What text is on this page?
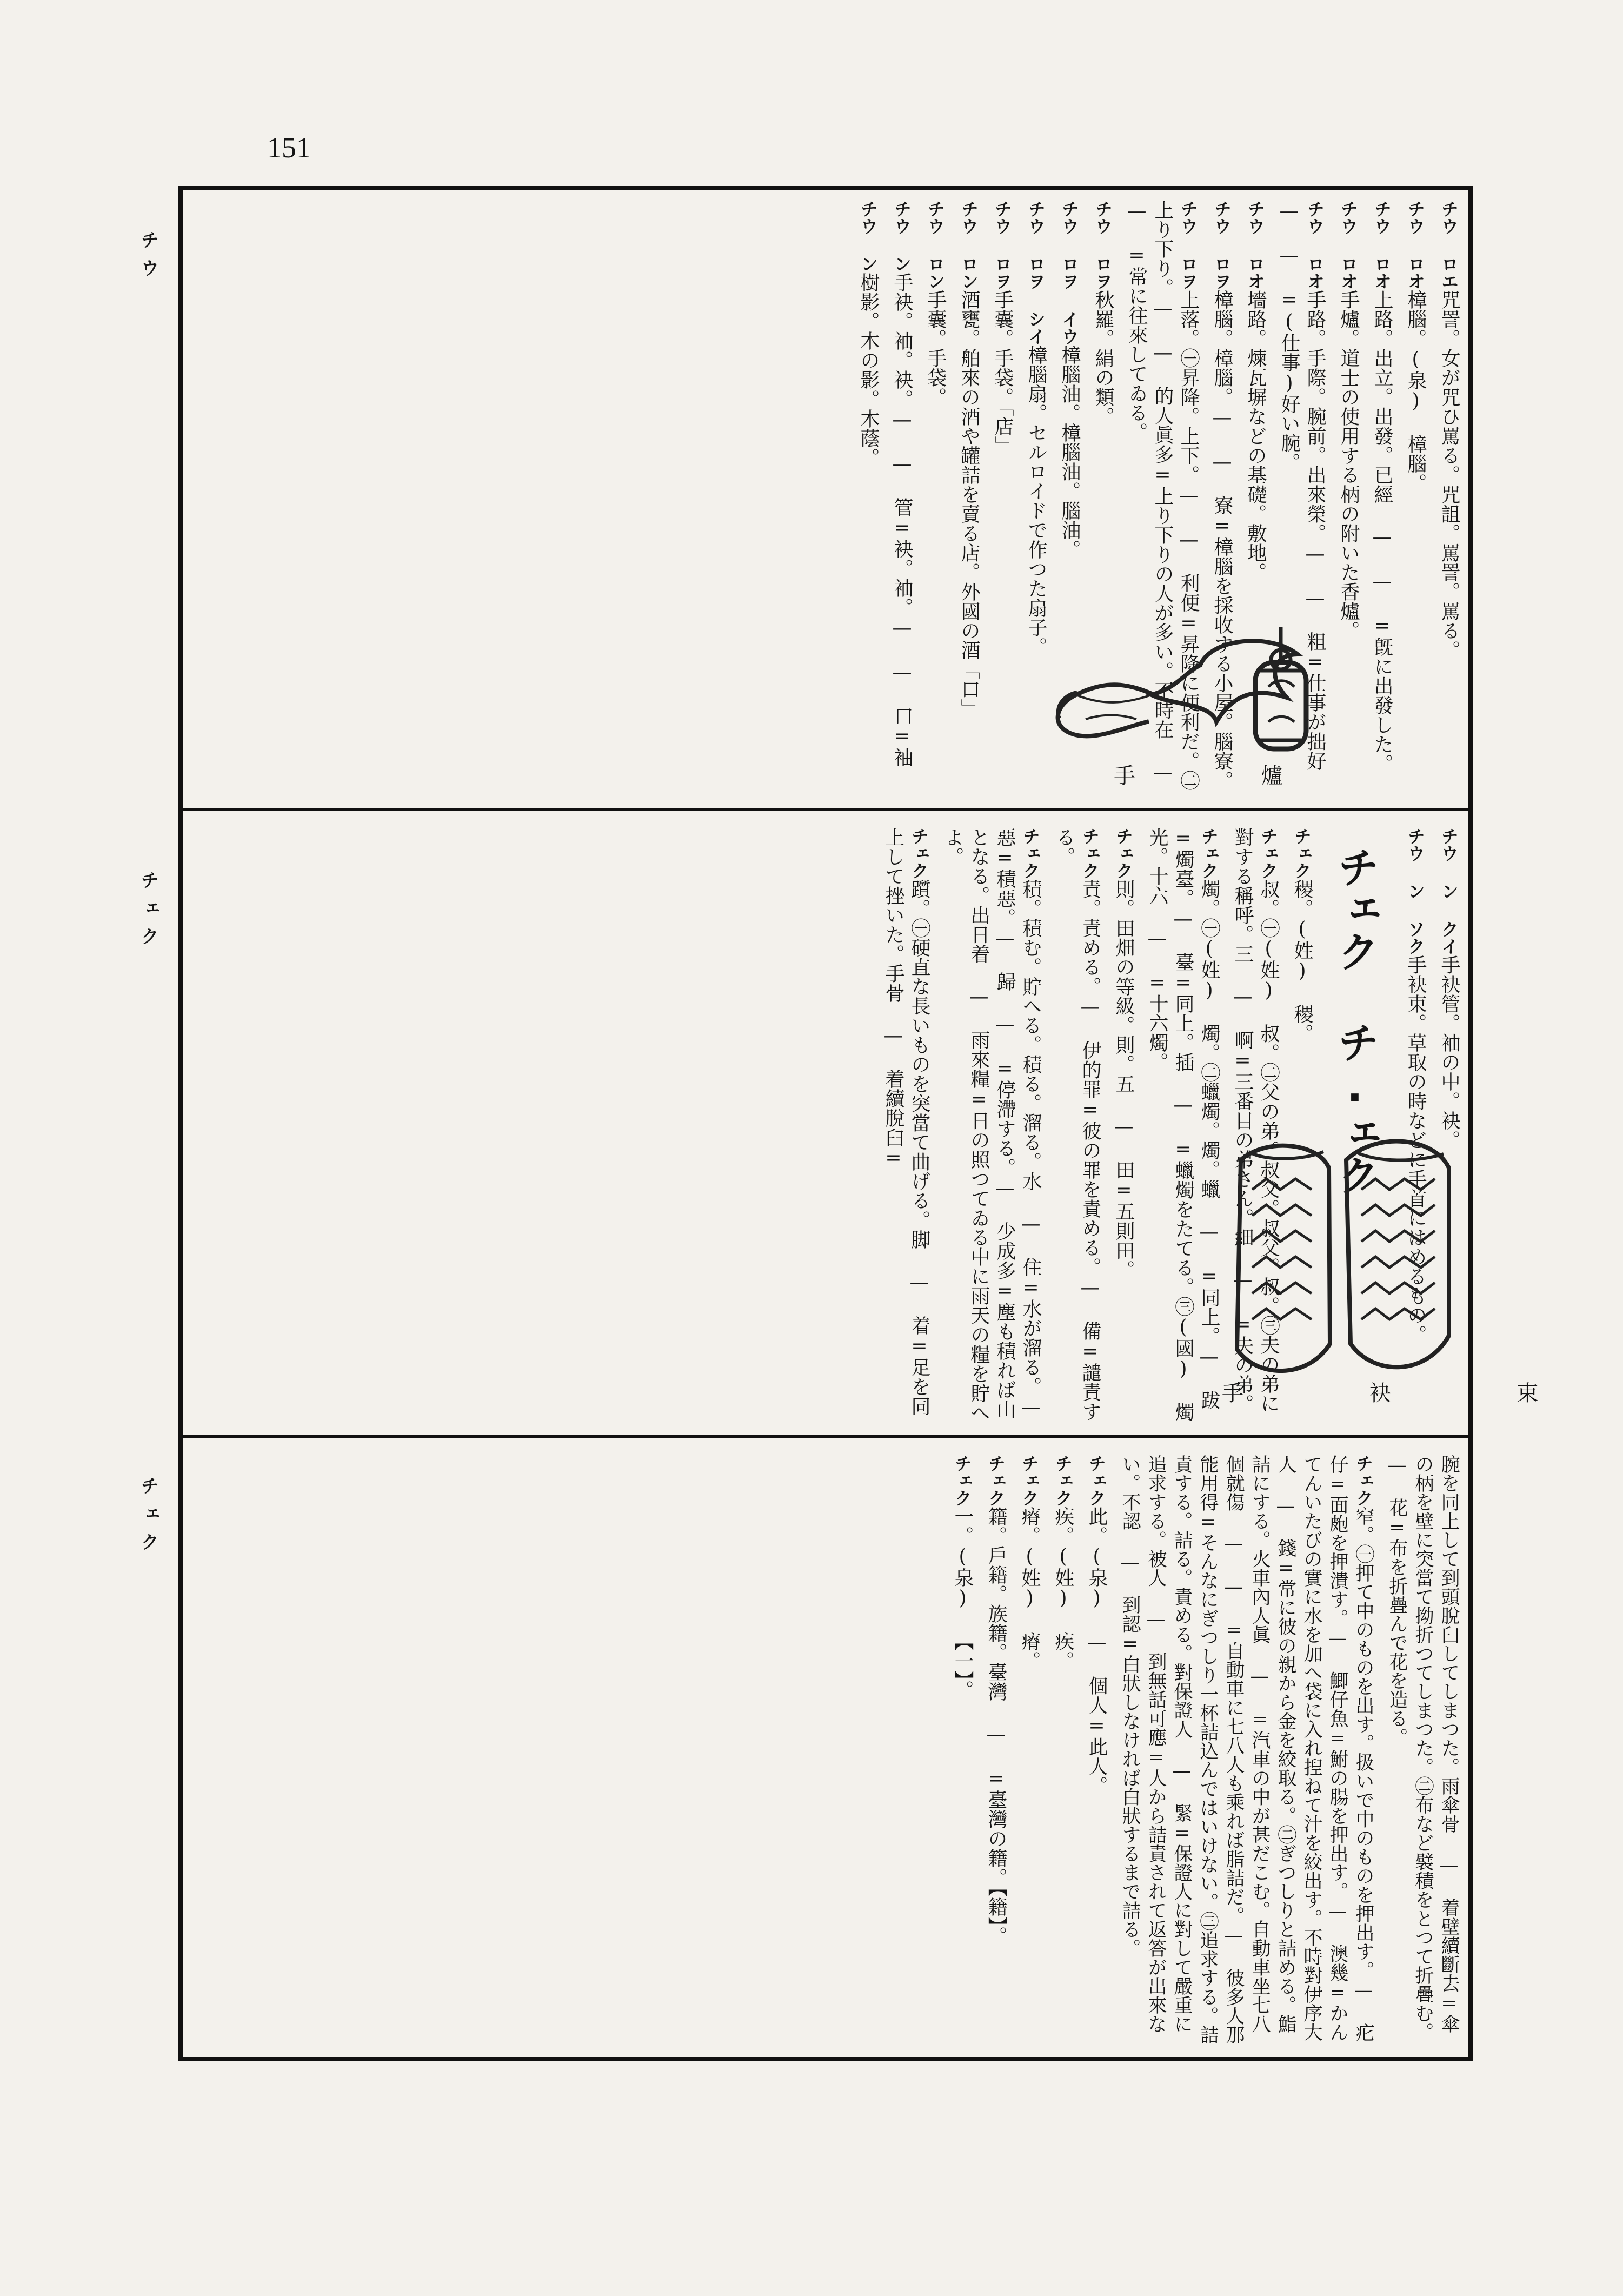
151
チウ
チェク
チェク
チウ ロエ咒詈。女が咒ひ罵る。咒詛。罵詈。罵る。
チウ ロオ樟腦。(泉) 樟腦。
チウ ロオ上路。出立。出發。已經 — — =旣に出發した。
チウ ロオ手爐。道士の使用する柄の附いた香爐。
チウ ロオ手路。手際。腕前。出來榮。— — 粗=仕事が拙好 — — =(仕事)好い腕。
チウ ロオ墻路。煉瓦塀などの基礎。敷地。
チウ ロヲ樟腦。樟腦。— — 寮=樟腦を採收する小屋。腦寮。
チウ ロヲ上落。㊀昇降。上下。— — 利便=昇降に便利だ。㊁上り下り。— — 的人眞多=上り下りの人が多い。不時在 — — =常に往來してゐる。
チウ ロヲ秋羅。絹の類。
チウ ロヲ イウ樟腦油。樟腦油。腦油。
チウ ロヲ シイ樟腦扇。セルロイドで作つた扇子。
チウ ロヲ手囊。手袋。「店」
チウ ロン酒甕。舶來の酒や罐詰を賣る店。外國の酒「口」
チウ ロン手囊。手袋。
チウ ン手袂。袖。袂。— — 管=袂。袖。— — 口=袖
チウ ン樹影。木の影。木蔭。
チウ ン クイ手袂管。袖の中。袂。
チウ ン ソク手袂束。草取の時などに手首にはめるもの。
チェク チ.ェク
チェク稷。(姓) 稷。
チェク叔。㊀(姓) 叔。㊁父の弟。叔父。叔父。叔。㊂夫の弟に對する稱呼。三 — 啊=三番目の弟さん。細 — =夫の弟。
チェク燭。㊀(姓) 燭。㊁蠟燭。燭。蠟 — =同上。— 跋=燭臺。— 臺=同上。插 — =蠟燭をたてる。㊂(國) 燭光。十六 — =十六燭。
チェク則。田畑の等級。則。五 — 田=五則田。
チェク責。責める。— 伊的罪=彼の罪を責める。— 備=譴責する。
チェク積。積む。貯へる。積る。溜る。水 — 住=水が溜る。— 惡=積惡。— 歸 — =停滯する。— 少成多=塵も積れば山となる。出日着 — 雨來糧=日の照つてゐる中に雨天の糧を貯へよ。
チェク躓。㊀硬直な長いものを突當て曲げる。脚 — 着=足を同上して挫いた。手骨 — 着續脫臼=
腕を同上して到頭脫臼してしまつた。雨傘骨 — 着壁續斷去=傘の柄を壁に突當て拗折つてしまつた。㊁布など襞積をとつて折疊む。— 花=布を折疊んで花を造る。
チェク窄。㊀押て中のものを出す。扱いで中のものを押出す。— 疕仔=面皰を押潰す。— 鯽仔魚=鮒の腸を押出す。— 澳幾=かんてんいたびの實に水を加へ袋に入れ揑ねて汁を絞出す。不時對伊序大人 — 錢=常に彼の親から金を絞取る。㊁ぎつしりと詰める。鮨詰にする。火車內人眞 — =汽車の中が甚だこむ。自動車坐七八個就傷 — — =自動車に七八人も乘れば脂詰だ。— 彼多人那能用得=そんなにぎつしり一杯詰込んではいけない。㊂追求する。詰責する。詰る。責める。對保證人 — 緊=保證人に對して嚴重に追求する。被人 — 到無話可應=人から詰責されて返答が出來ない。不認 — 到認=白狀しなければ白狀するまで詰る。
チェク此。(泉) — 個人=此人。
チェク疾。(姓) 疾。
チェク瘠。(姓) 瘠。
チェク籍。戶籍。族籍。臺灣 — =臺灣の籍。【籍】。
チェク一。(泉) 【一】。
手 爐
手 袂 束
